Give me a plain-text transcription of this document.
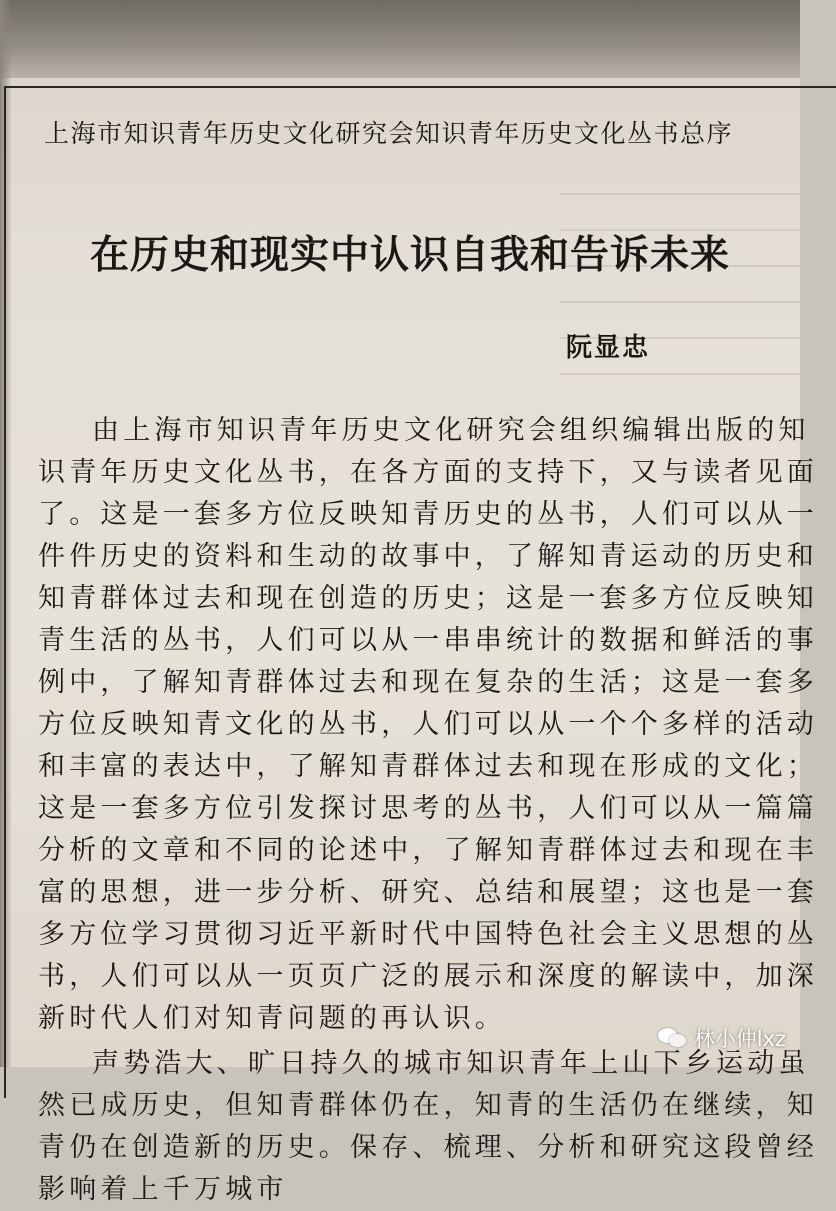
上海市知识青年历史文化研究会知识青年历史文化丛书总序
在历史和现实中认识自我和告诉未来
阮显忠

由上海市知识青年历史文化研究会组织编辑出版的知识青年历史文化丛书，在各方面的支持下，又与读者见面了。这是一套多方位反映知青历史的丛书，人们可以从一件件历史的资料和生动的故事中，了解知青运动的历史和知青群体过去和现在创造的历史；这是一套多方位反映知青生活的丛书，人们可以从一串串统计的数据和鲜活的事例中，了解知青群体过去和现在复杂的生活；这是一套多方位反映知青文化的丛书，人们可以从一个个多样的活动和丰富的表达中，了解知青群体过去和现在形成的文化；这是一套多方位引发探讨思考的丛书，人们可以从一篇篇分析的文章和不同的论述中，了解知青群体过去和现在丰富的思想，进一步分析、研究、总结和展望；这也是一套多方位学习贯彻习近平新时代中国特色社会主义思想的丛书，人们可以从一页页广泛的展示和深度的解读中，加深新时代人们对知青问题的再认识。

声势浩大、旷日持久的城市知识青年上山下乡运动虽然已成历史，但知青群体仍在，知青的生活仍在继续，知青仍在创造新的历史。保存、梳理、分析和研究这段曾经影响着上千万城市

林小仲lxz
